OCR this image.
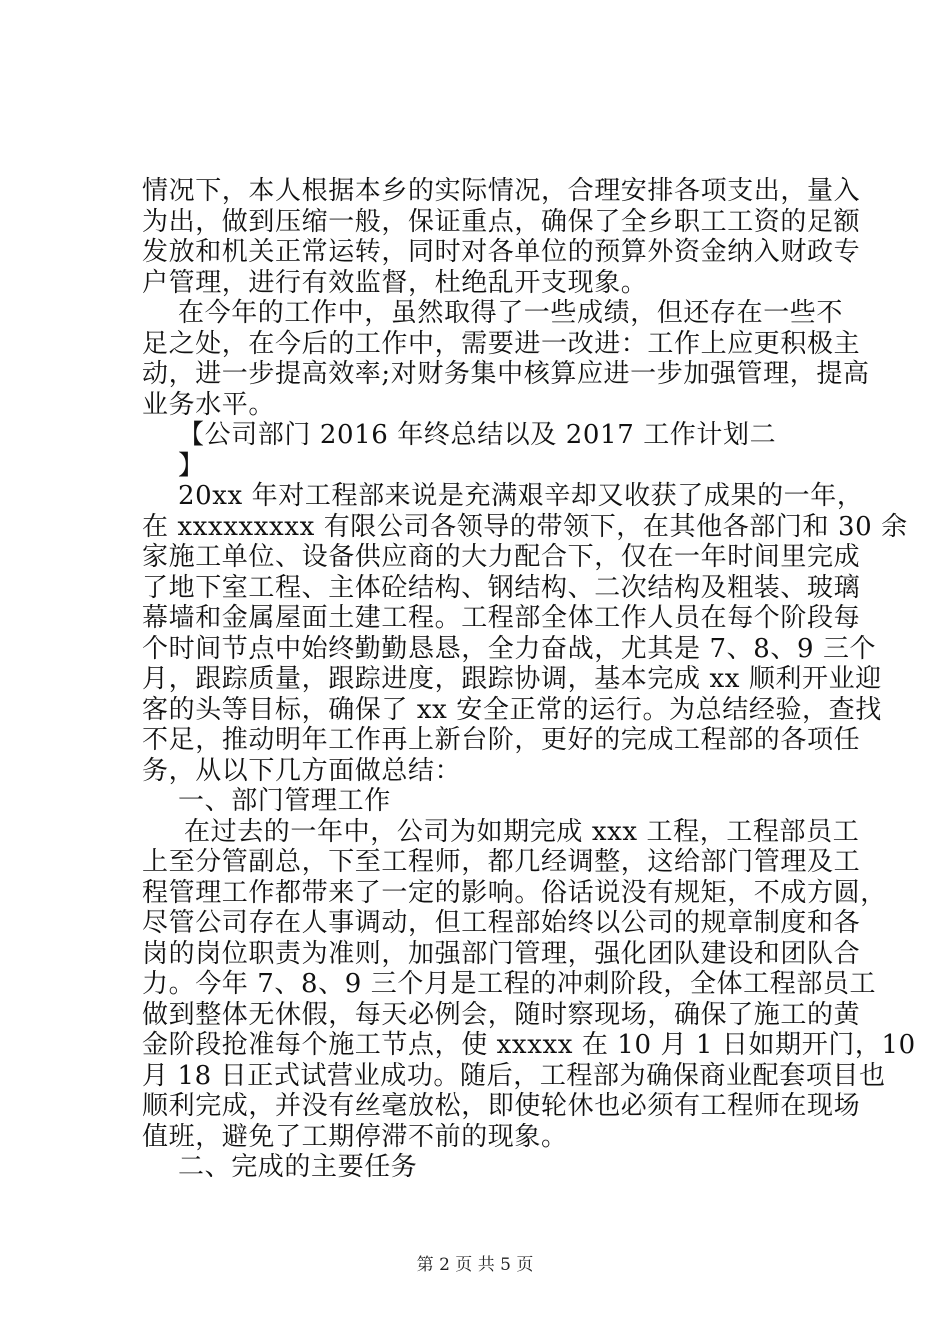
情况下，本人根据本乡的实际情况，合理安排各项支出，量入
为出，做到压缩一般，保证重点，确保了全乡职工工资的足额
发放和机关正常运转，同时对各单位的预算外资金纳入财政专
户管理，进行有效监督，杜绝乱开支现象。
在今年的工作中，虽然取得了一些成绩，但还存在一些不
足之处，在今后的工作中，需要进一改进：工作上应更积极主
动，进一步提高效率;对财务集中核算应进一步加强管理，提高
业务水平。
【公司部门 2016 年终总结以及 2017 工作计划二
】
20xx 年对工程部来说是充满艰辛却又收获了成果的一年，
在 xxxxxxxxx 有限公司各领导的带领下，在其他各部门和 30 余
家施工单位、设备供应商的大力配合下，仅在一年时间里完成
了地下室工程、主体砼结构、钢结构、二次结构及粗装、玻璃
幕墙和金属屋面土建工程。工程部全体工作人员在每个阶段每
个时间节点中始终勤勤恳恳，全力奋战，尤其是 7、8、9 三个
月，跟踪质量，跟踪进度，跟踪协调，基本完成 xx 顺利开业迎
客的头等目标，确保了 xx 安全正常的运行。为总结经验，查找
不足，推动明年工作再上新台阶，更好的完成工程部的各项任
务，从以下几方面做总结：
一、部门管理工作
在过去的一年中，公司为如期完成 xxx 工程，工程部员工
上至分管副总，下至工程师，都几经调整，这给部门管理及工
程管理工作都带来了一定的影响。俗话说没有规矩，不成方圆，
尽管公司存在人事调动，但工程部始终以公司的规章制度和各
岗的岗位职责为准则，加强部门管理，强化团队建设和团队合
力。今年 7、8、9 三个月是工程的冲刺阶段，全体工程部员工
做到整体无休假，每天必例会，随时察现场，确保了施工的黄
金阶段抢准每个施工节点，使 xxxxx 在 10 月 1 日如期开门，10
月 18 日正式试营业成功。随后，工程部为确保商业配套项目也
顺利完成，并没有丝毫放松，即使轮休也必须有工程师在现场
值班，避免了工期停滞不前的现象。
二、完成的主要任务
第 2 页 共 5 页
